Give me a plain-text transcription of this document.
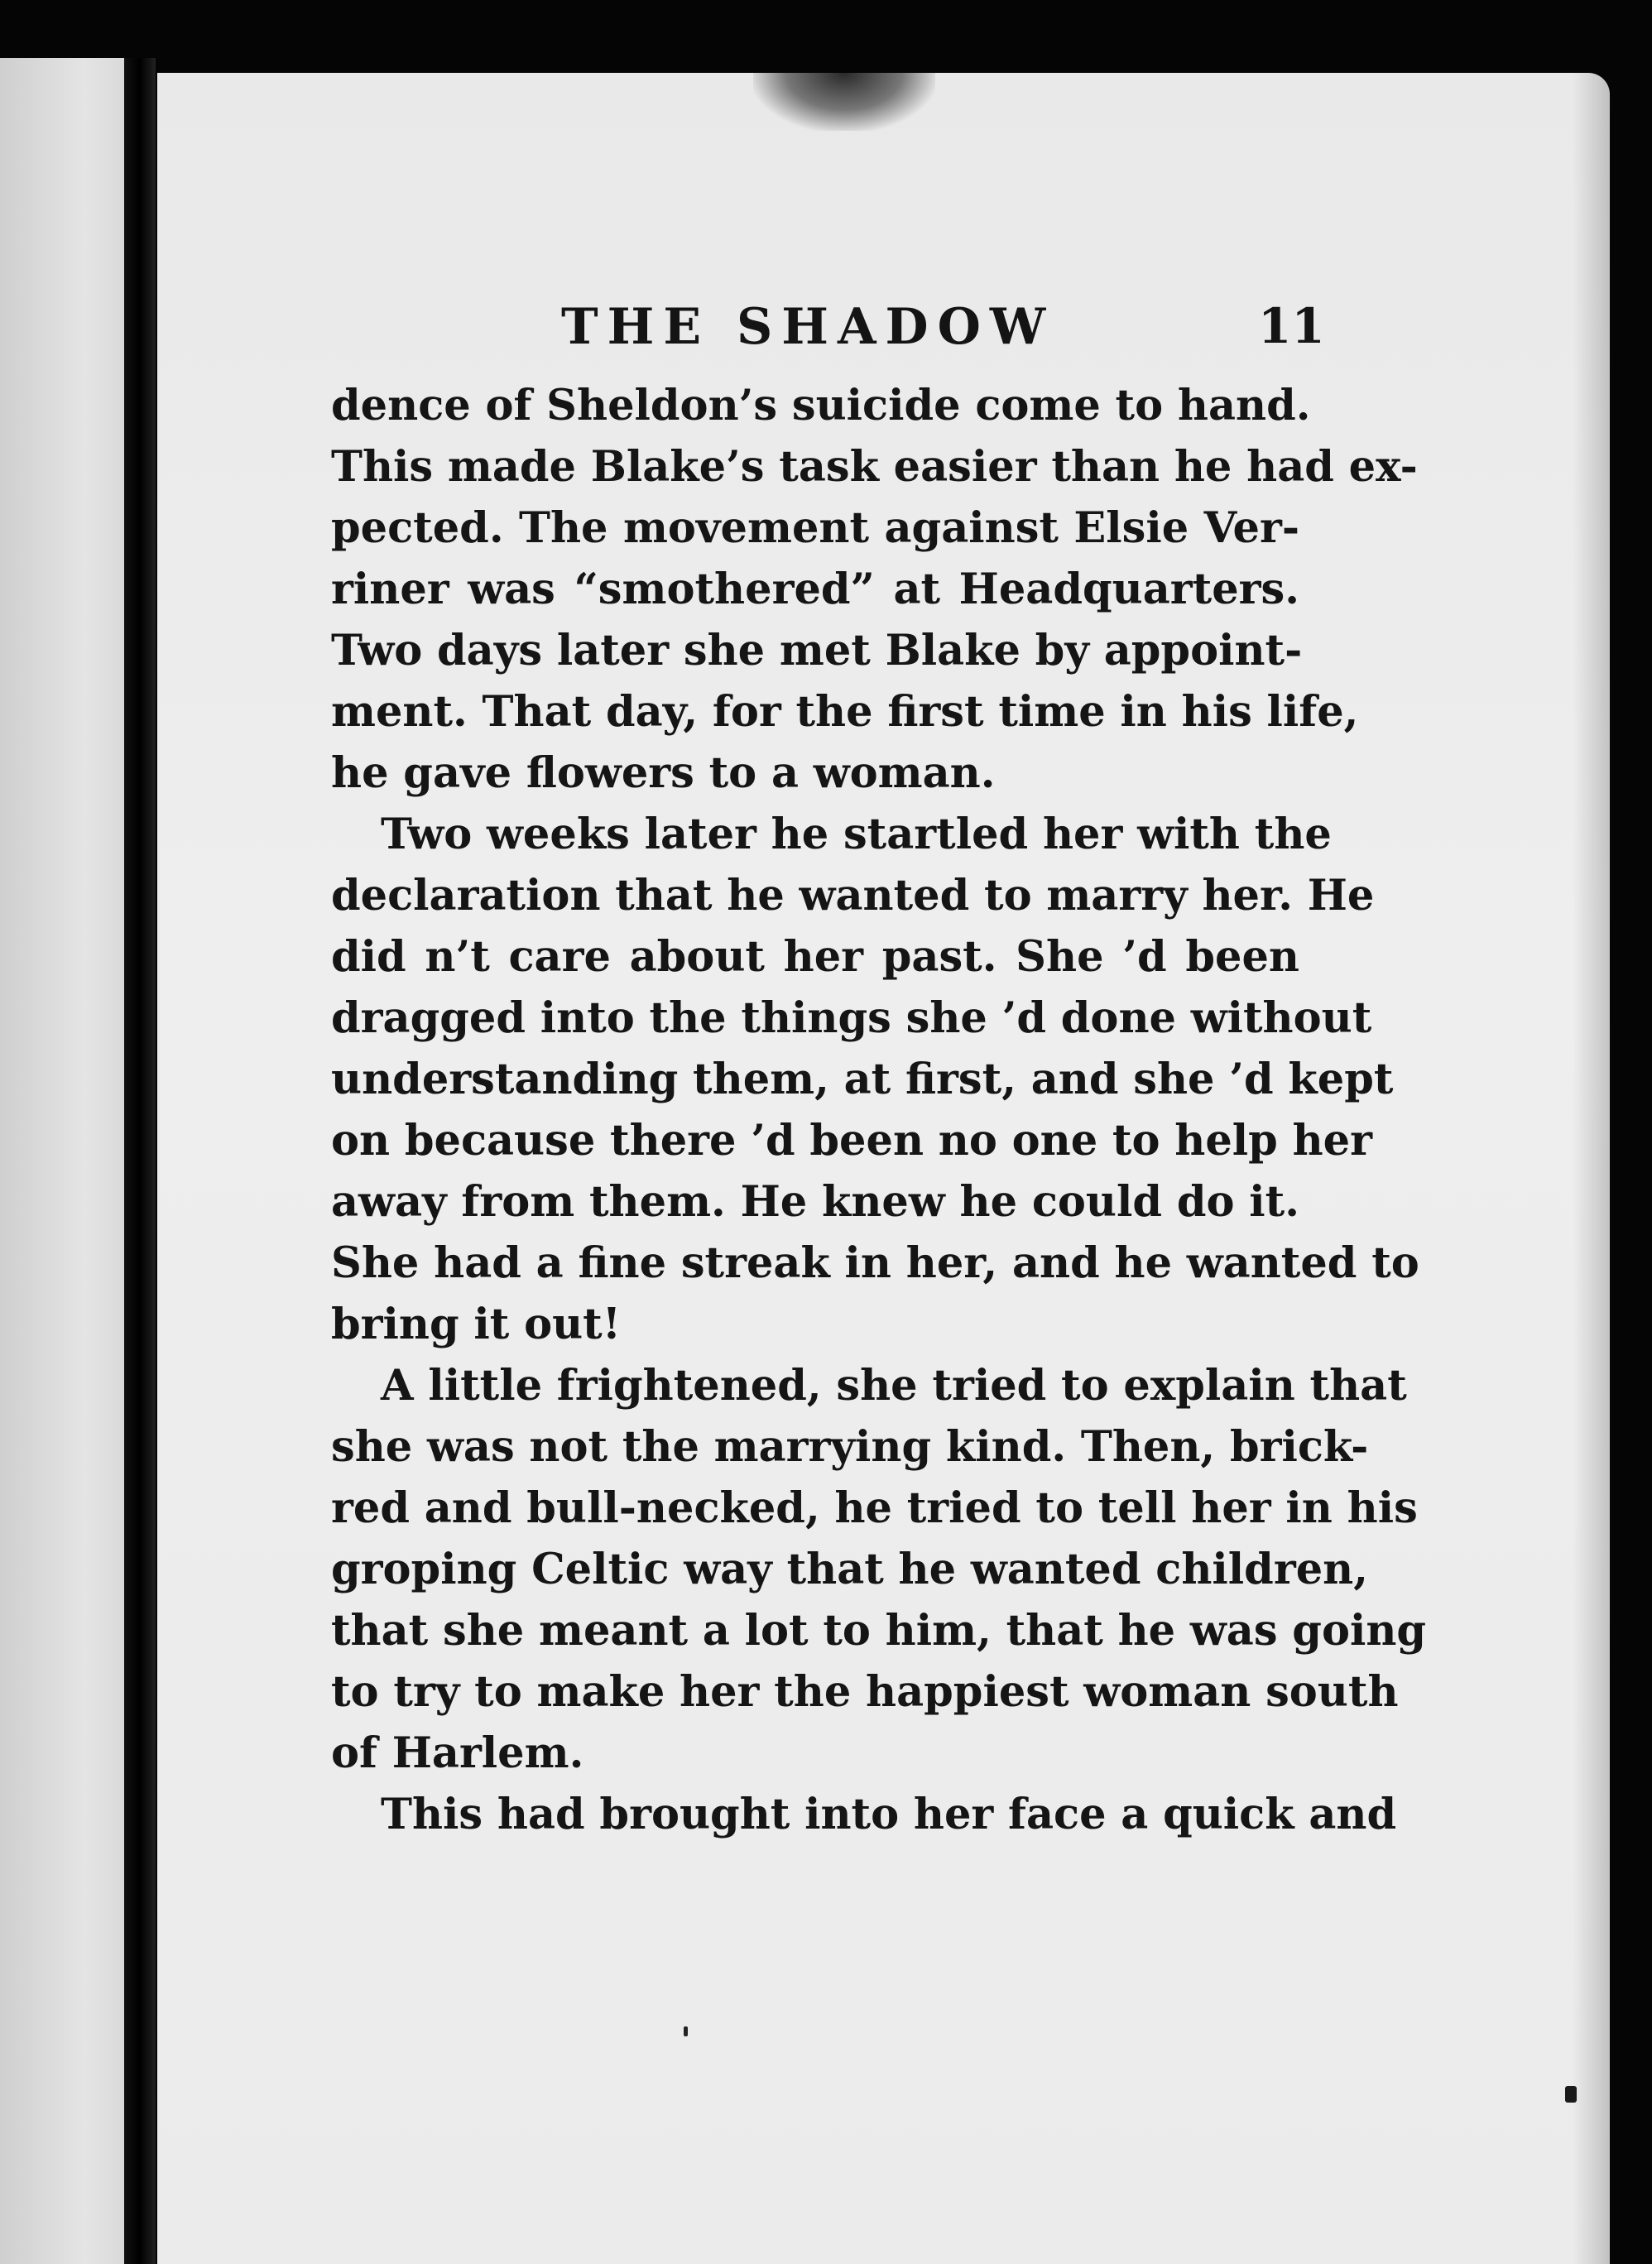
THE SHADOW	11
dence of Sheldon’s suicide come to hand.
This made Blake’s task easier than he had ex-
pected. The movement against Elsie Ver-
riner was “smothered” at Headquarters.
Two days later she met Blake by appoint-
ment. That day, for the first time in his life,
he gave flowers to a woman.
Two weeks later he startled her with the
declaration that he wanted to marry her. He
did n’t care about her past. She ’d been
dragged into the things she ’d done without
understanding them, at first, and she ’d kept
on because there ’d been no one to help her
away from them. He knew he could do it.
She had a fine streak in her, and he wanted to
bring it out!
A little frightened, she tried to explain that
she was not the marrying kind. Then, brick-
red and bull-necked, he tried to tell her in his
groping Celtic way that he wanted children,
that she meant a lot to him, that he was going
to try to make her the happiest woman south
of Harlem.
This had brought into her face a quick and
